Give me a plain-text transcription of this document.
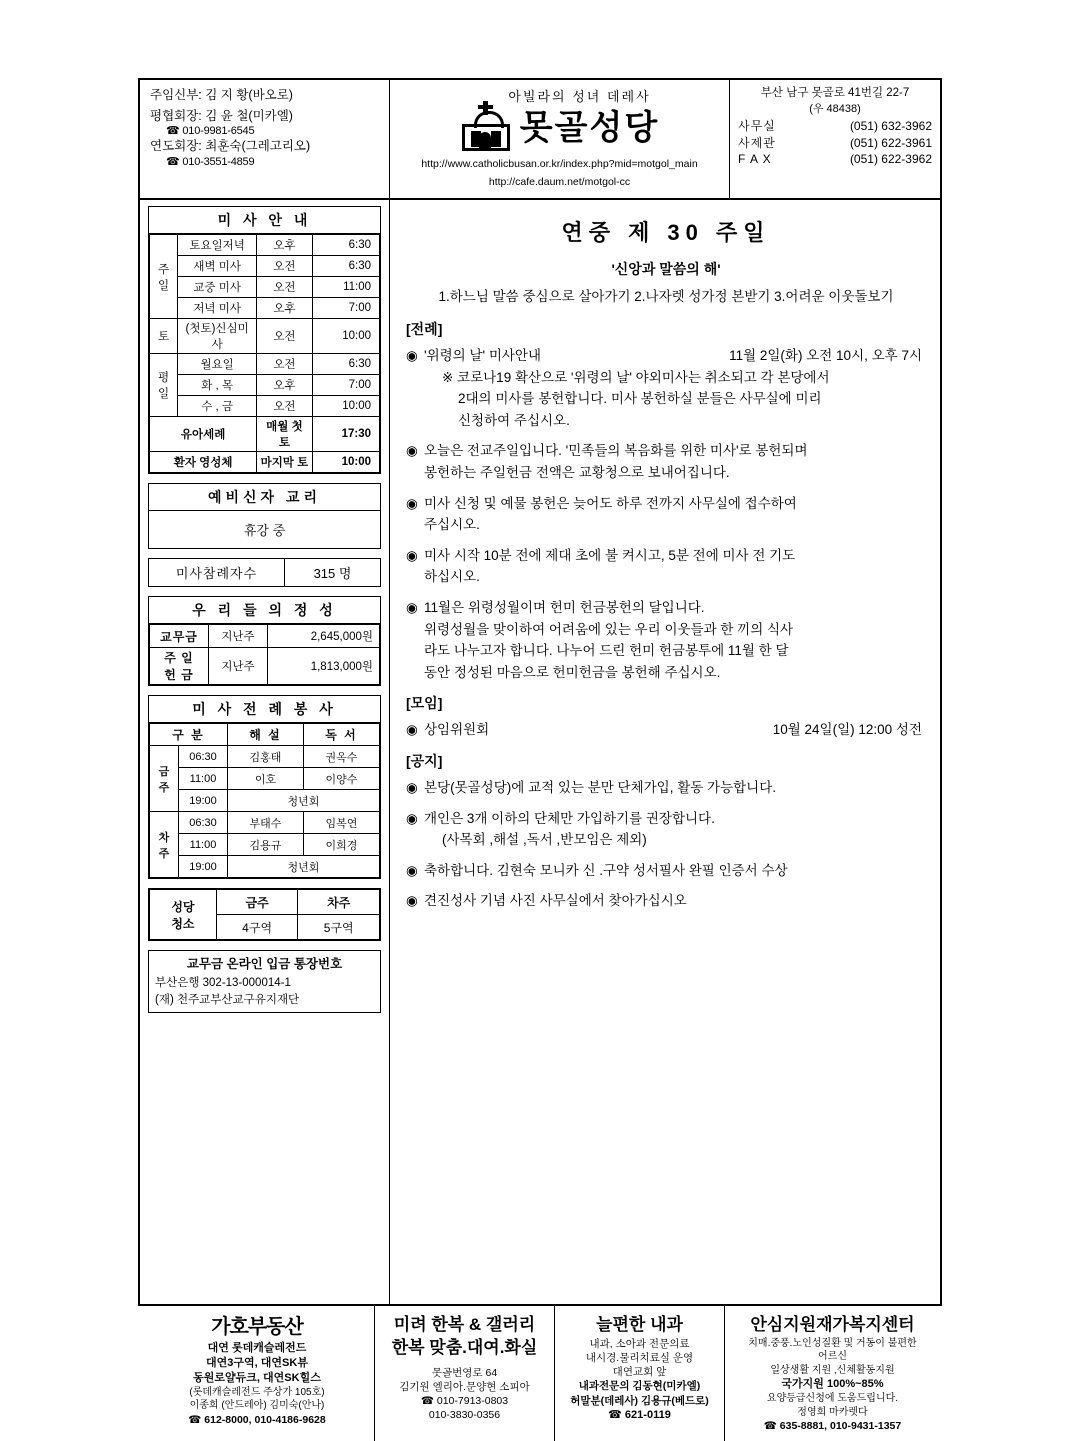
주임신부: 김 지 황(바오로)
평협회장: 김 윤 철(미카엘)
☎ 010-9981-6545
연도회장: 최훈숙(그레고리오)
☎ 010-3551-4859
아빌라의 성녀 데레사
못골성당
http://www.catholicbusan.or.kr/index.php?mid=motgol_main
http://cafe.daum.net/motgol-cc
부산 남구 못골로 41번길 22-7
(우 48438)
사무실	(051) 632-3962
사제관	(051) 622-3961
F A X	(051) 622-3962
미 사 안 내
주
일	토요일저녁	오후	6:30
	새벽 미사	오전	6:30
	교중 미사	오전	11:00
	저녁 미사	오후	7:00
토	(첫토)신심미사	오전	10:00
평
일	월요일	오전	6:30
	화 , 목	오후	7:00
	수 , 금	오전	10:00
유아세례		매월 첫 토	17:30
환자 영성체		마지막 토	10:00
예비신자 교리
휴강 중
미사참례자수	315 명
우 리 들 의 정 성
교무금	지난주	2,645,000원
주 일
헌 금	지난주	1,813,000원
미 사 전 례 봉 사
구 분		해 설	독 서
금
주	06:30	김홍태	권옥수
	11:00	이호	이양수
	19:00	청년회	
차
주	06:30	부태수	임복연
	11:00	김용규	이희경
	19:00	청년회	
성당
청소	금주	차주
	4구역	5구역
교무금 온라인 입금 통장번호
부산은행 302-13-000014-1
(재) 천주교부산교구유지재단
연중 제 30 주일
'신앙과 말씀의 해'
1.하느님 말씀 중심으로 살아가기 2.나자렛 성가정 본받기 3.어려운 이웃돌보기
[전례]
◉ '위령의 날' 미사안내	11월 2일(화) 오전 10시, 오후 7시
※ 코로나19 확산으로 '위령의 날' 야외미사는 취소되고 각 본당에서
2대의 미사를 봉헌합니다. 미사 봉헌하실 분들은 사무실에 미리
신청하여 주십시오.
◉ 오늘은 전교주일입니다. '민족들의 복음화를 위한 미사'로 봉헌되며
봉헌하는 주일헌금 전액은 교황청으로 보내어집니다.
◉ 미사 신청 및 예물 봉헌은 늦어도 하루 전까지 사무실에 접수하여
주십시오.
◉ 미사 시작 10분 전에 제대 초에 불 켜시고, 5분 전에 미사 전 기도
하십시오.
◉ 11월은 위령성월이며 헌미 헌금봉헌의 달입니다.
위령성월을 맞이하여 어려움에 있는 우리 이웃들과 한 끼의 식사
라도 나누고자 합니다. 나누어 드린 헌미 헌금봉투에 11월 한 달
동안 정성된 마음으로 헌미헌금을 봉헌해 주십시오.
[모임]
◉ 상임위원회	10월 24일(일) 12:00 성전
[공지]
◉ 본당(못골성당)에 교적 있는 분만 단체가입, 활동 가능합니다.
◉ 개인은 3개 이하의 단체만 가입하기를 권장합니다.
(사목회 ,해설 ,독서 ,반모임은 제외)
◉ 축하합니다. 김현숙 모니카 신 .구약 성서필사 완필 인증서 수상
◉ 견진성사 기념 사진 사무실에서 찾아가십시오
가호부동산
대연 롯데캐슬레전드
대연3구역, 대연SK뷰
동원로얄듀크, 대연SK힐스
(롯데캐슬레전드 주상가 105호)
이종희 (안드레아) 김미숙(안나)
☎ 612-8000, 010-4186-9628
미려 한복 & 갤러리
한복 맞춤.대여.화실
못골번영로 64
김기원 엘리아.문양현 소피아
☎ 010-7913-0803
010-3830-0356
늘편한 내과
내과, 소아과 전문의료
내시경.물리치료실 운영
대연교회 앞
내과전문의 김동현(미카엘)
허말분(데레사) 김용규(베드로)
☎ 621-0119
안심지원재가복지센터
치매.중풍.노인성질환 및 거동이 불편한
어르신
일상생활 지원 ,신체활동지원
국가지원 100%~85%
요양등급신청에 도움드립니다.
정영희 마카렛다
☎ 635-8881, 010-9431-1357
